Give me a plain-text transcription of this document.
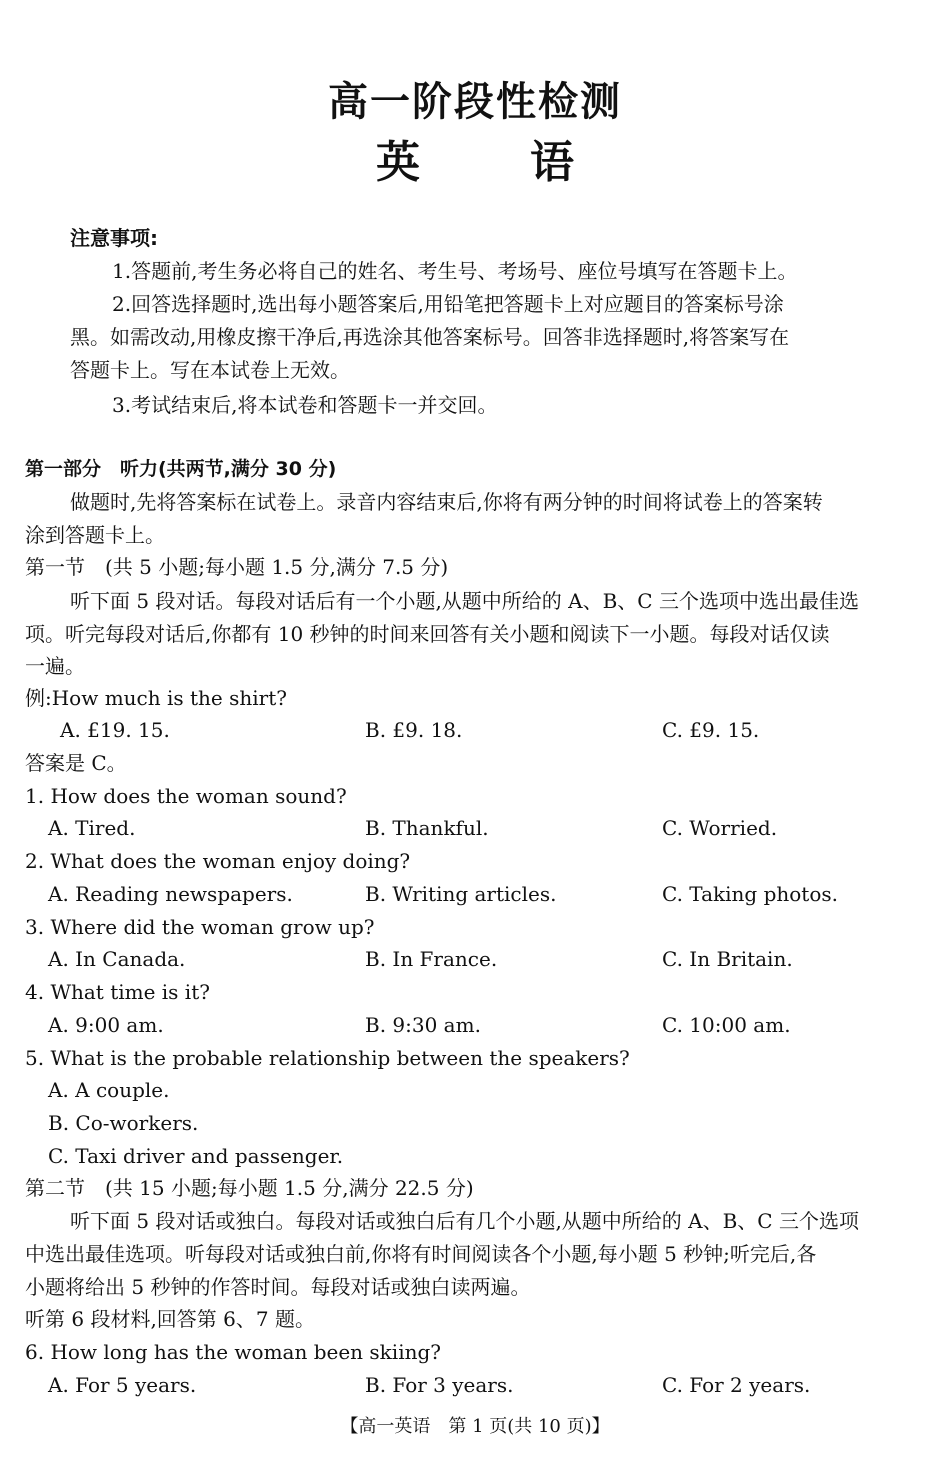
高一阶段性检测
英	语
注意事项:
1.答题前,考生务必将自己的姓名、考生号、考场号、座位号填写在答题卡上。
2.回答选择题时,选出每小题答案后,用铅笔把答题卡上对应题目的答案标号涂
黑。如需改动,用橡皮擦干净后,再选涂其他答案标号。回答非选择题时,将答案写在
答题卡上。写在本试卷上无效。
3.考试结束后,将本试卷和答题卡一并交回。
第一部分　听力(共两节,满分 30 分)
做题时,先将答案标在试卷上。录音内容结束后,你将有两分钟的时间将试卷上的答案转
涂到答题卡上。
第一节　(共 5 小题;每小题 1.5 分,满分 7.5 分)
听下面 5 段对话。每段对话后有一个小题,从题中所给的 A、B、C 三个选项中选出最佳选
项。听完每段对话后,你都有 10 秒钟的时间来回答有关小题和阅读下一小题。每段对话仅读
一遍。
例:How much is the shirt?
A. £19. 15.	B. £9. 18.	C. £9. 15.
答案是 C。
1. How does the woman sound?
A. Tired.	B. Thankful.	C. Worried.
2. What does the woman enjoy doing?
A. Reading newspapers.	B. Writing articles.	C. Taking photos.
3. Where did the woman grow up?
A. In Canada.	B. In France.	C. In Britain.
4. What time is it?
A. 9:00 am.	B. 9:30 am.	C. 10:00 am.
5. What is the probable relationship between the speakers?
A. A couple.
B. Co-workers.
C. Taxi driver and passenger.
第二节　(共 15 小题;每小题 1.5 分,满分 22.5 分)
听下面 5 段对话或独白。每段对话或独白后有几个小题,从题中所给的 A、B、C 三个选项
中选出最佳选项。听每段对话或独白前,你将有时间阅读各个小题,每小题 5 秒钟;听完后,各
小题将给出 5 秒钟的作答时间。每段对话或独白读两遍。
听第 6 段材料,回答第 6、7 题。
6. How long has the woman been skiing?
A. For 5 years.	B. For 3 years.	C. For 2 years.
【高一英语　第 1 页(共 10 页)】
